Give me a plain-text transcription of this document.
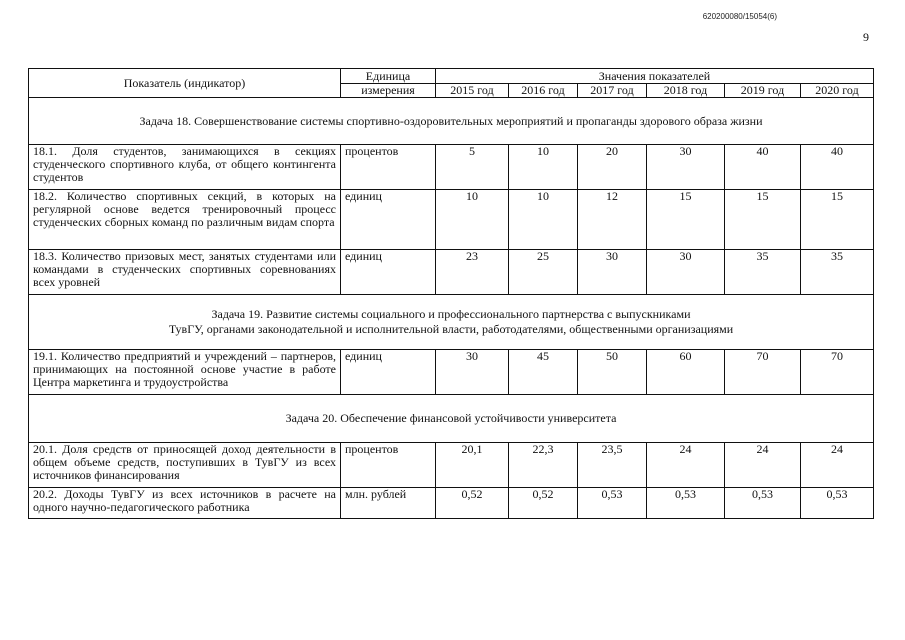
620200080/15054(6)
9
Показатель (индикатор)	Единица	Значения показателей					
	измерения	2015 год	2016 год	2017 год	2018 год	2019 год	2020 год

Задача 18. Совершенствование системы спортивно-оздоровительных мероприятий и пропаганды здорового образа жизни							

18.1. Доля студентов, занимающихся в секциях студенческого спортивного клуба, от общего контингента студентов	процентов	5	10	20	30	40	40
18.2. Количество спортивных секций, в которых на регулярной основе ведется тренировочный процесс студенческих сборных команд по различным видам спорта	единиц	10	10	12	15	15	15
18.3. Количество призовых мест, занятых студентами или командами в студенческих спортивных соревнованиях всех уровней	единиц	23	25	30	30	35	35

Задача 19. Развитие системы социального и профессионального партнерства с выпускниками
ТувГУ, органами законодательной и исполнительной власти, работодателями, общественными организациями							

19.1. Количество предприятий и учреждений – партнеров, принимающих на постоянной основе участие в работе Центра маркетинга и трудоустройства	единиц	30	45	50	60	70	70

Задача 20. Обеспечение финансовой устойчивости университета							

20.1. Доля средств от приносящей доход деятельности в общем объеме средств, поступивших в ТувГУ из всех источников финансирования	процентов	20,1	22,3	23,5	24	24	24
20.2. Доходы ТувГУ из всех источников в расчете на одного научно-педагогического работника	млн. рублей	0,52	0,52	0,53	0,53	0,53	0,53
